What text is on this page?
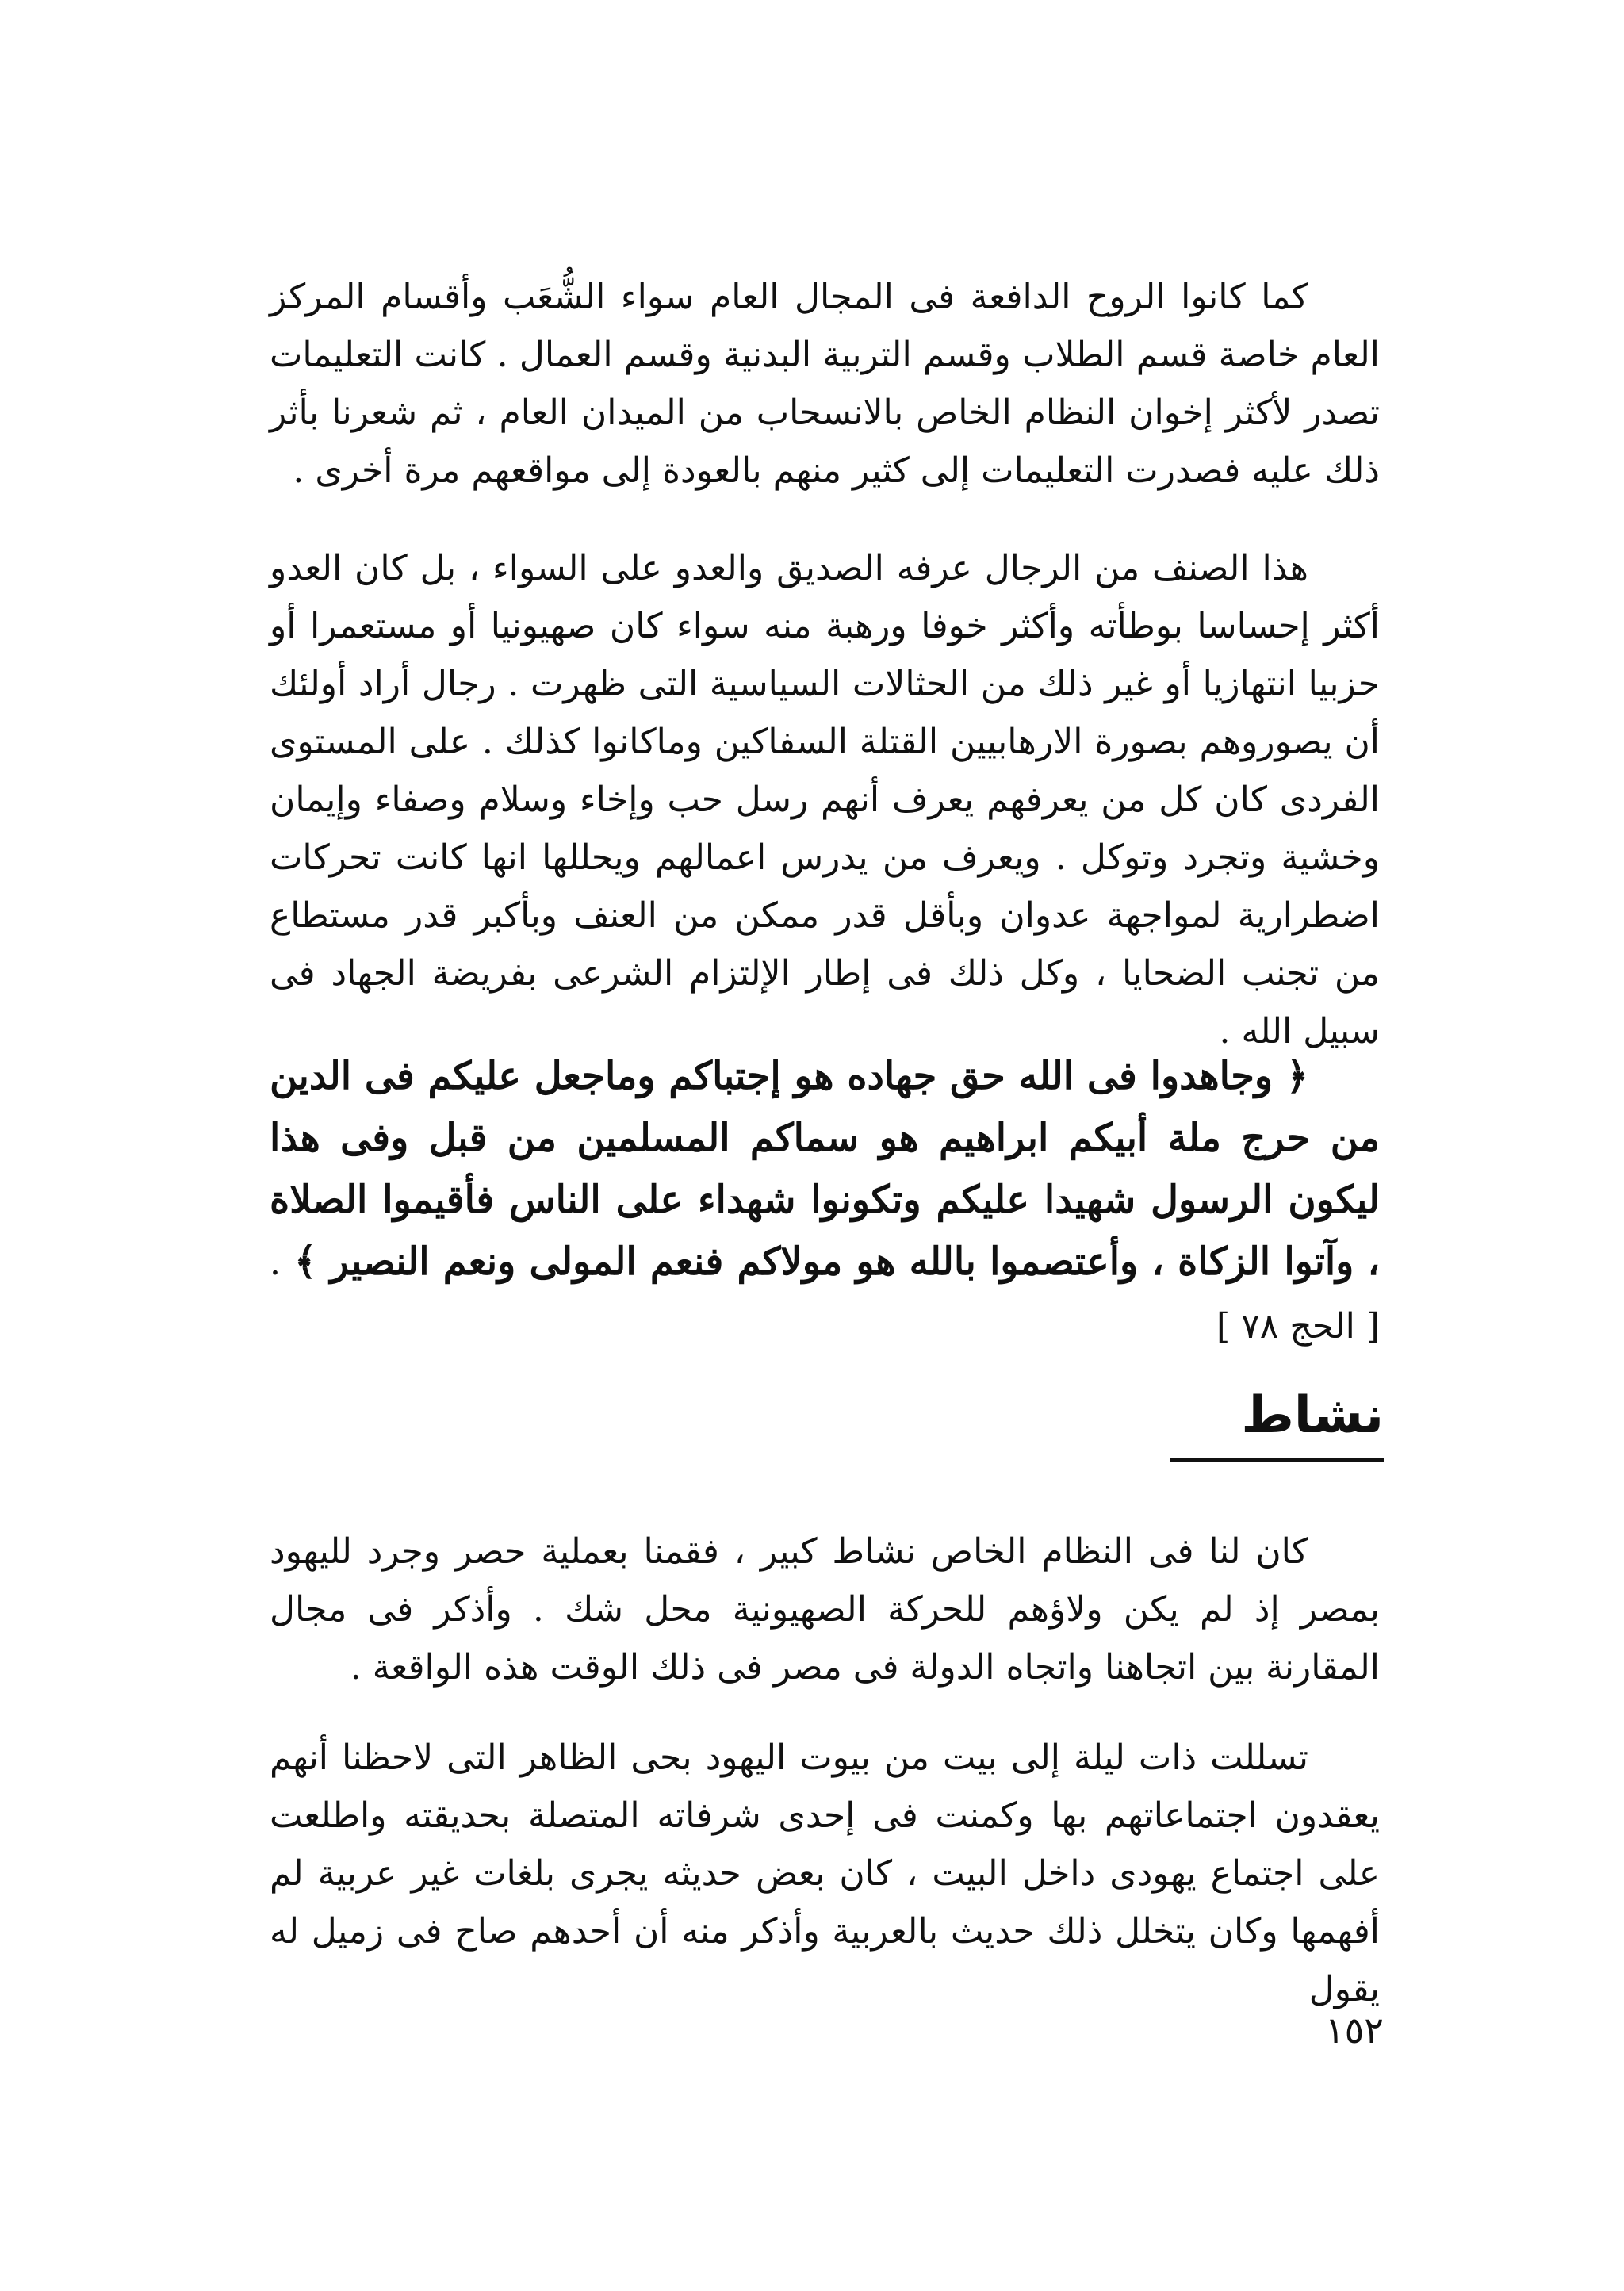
كما كانوا الروح الدافعة فى المجال العام سواء الشُّعَب وأقسام المركز العام خاصة قسم الطلاب وقسم التربية البدنية وقسم العمال . كانت التعليمات تصدر لأكثر إخوان النظام الخاص بالانسحاب من الميدان العام ، ثم شعرنا بأثر ذلك عليه فصدرت التعليمات إلى كثير منهم بالعودة إلى مواقعهم مرة أخرى .

هذا الصنف من الرجال عرفه الصديق والعدو على السواء ، بل كان العدو أكثر إحساسا بوطأته وأكثر خوفا ورهبة منه سواء كان صهيونيا أو مستعمرا أو حزبيا انتهازيا أو غير ذلك من الحثالات السياسية التى ظهرت . رجال أراد أولئك أن يصوروهم بصورة الارهابيين القتلة السفاكين وماكانوا كذلك . على المستوى الفردى كان كل من يعرفهم يعرف أنهم رسل حب وإخاء وسلام وصفاء وإيمان وخشية وتجرد وتوكل . ويعرف من يدرس اعمالهم ويحللها انها كانت تحركات اضطرارية لمواجهة عدوان وبأقل قدر ممكن من العنف وبأكبر قدر مستطاع من تجنب الضحايا ، وكل ذلك فى إطار الإلتزام الشرعى بفريضة الجهاد فى سبيل الله .

﴿ وجاهدوا فى الله حق جهاده هو إجتباكم وماجعل عليكم فى الدين من حرج ملة أبيكم ابراهيم هو سماكم المسلمين من قبل وفى هذا ليكون الرسول شهيدا عليكم وتكونوا شهداء على الناس فأقيموا الصلاة ، وآتوا الزكاة ، وأعتصموا بالله هو مولاكم فنعم المولى ونعم النصير ﴾ . [ الحج ٧٨ ]

نشاط

كان لنا فى النظام الخاص نشاط كبير ، فقمنا بعملية حصر وجرد لليهود بمصر إذ لم يكن ولاؤهم للحركة الصهيونية محل شك . وأذكر فى مجال المقارنة بين اتجاهنا واتجاه الدولة فى مصر فى ذلك الوقت هذه الواقعة .

تسللت ذات ليلة إلى بيت من بيوت اليهود بحى الظاهر التى لاحظنا أنهم يعقدون اجتماعاتهم بها وكمنت فى إحدى شرفاته المتصلة بحديقته واطلعت على اجتماع يهودى داخل البيت ، كان بعض حديثه يجرى بلغات غير عربية لم أفهمها وكان يتخلل ذلك حديث بالعربية وأذكر منه أن أحدهم صاح فى زميل له يقول

١٥٢
